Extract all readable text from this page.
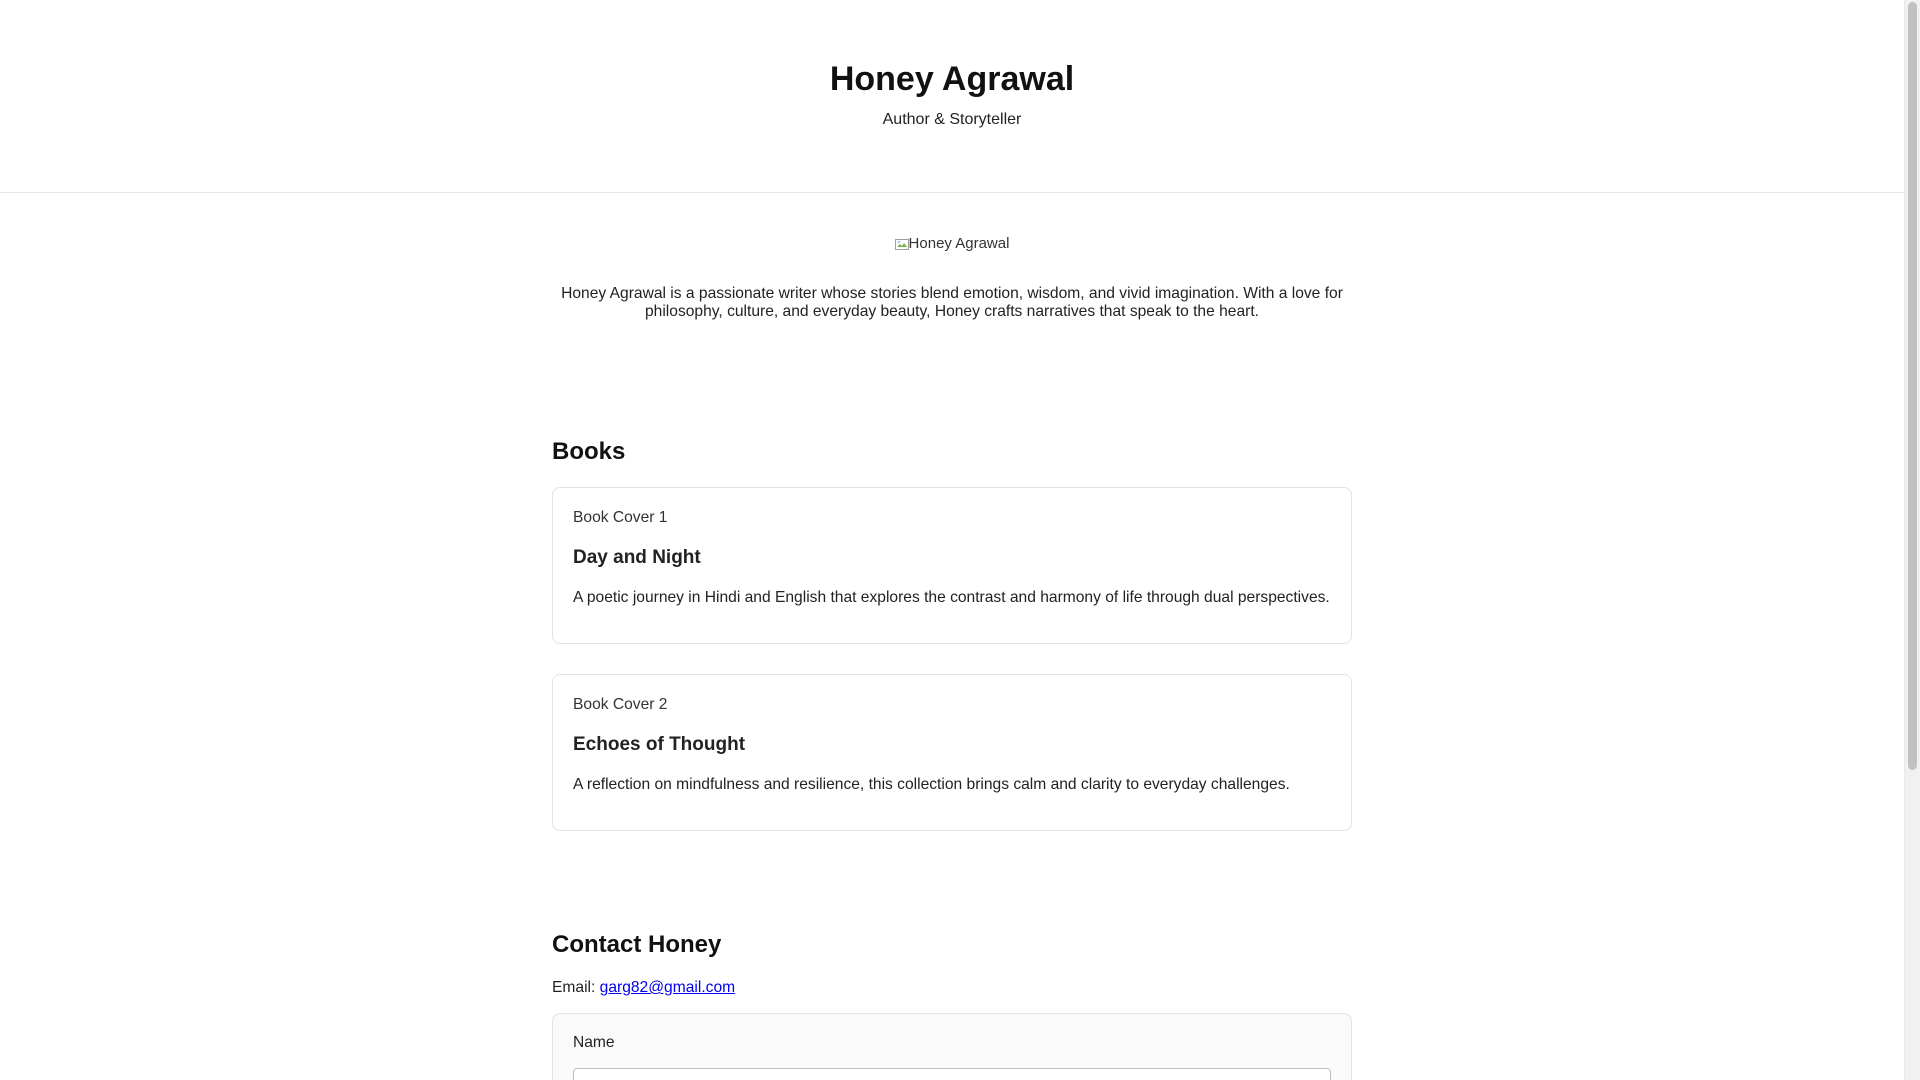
Honey Agrawal

Author & Storyteller

Honey Agrawal

Honey Agrawal is a passionate writer whose stories blend emotion, wisdom, and vivid imagination. With a love for philosophy, culture, and everyday beauty, Honey crafts narratives that speak to the heart.

Books
Book Cover 1
Day and Night

A poetic journey in Hindi and English that explores the contrast and harmony of life through dual perspectives.

Book Cover 2
Echoes of Thought

A reflection on mindfulness and resilience, this collection brings calm and clarity to everyday challenges.

Contact Honey
Email: garg82@gmail.com
Name
